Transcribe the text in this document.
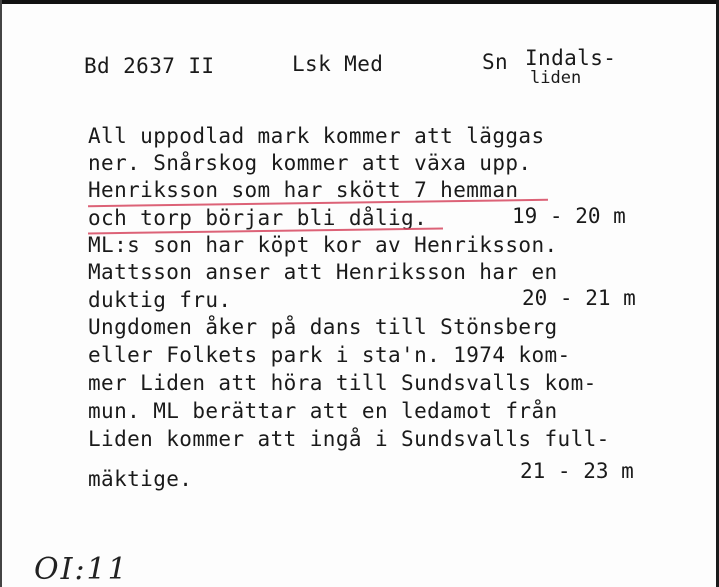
Bd 2637 II	Lsk Med	Sn Indals-
liden
All uppodlad mark kommer att läggas
ner. Snårskog kommer att växa upp.
Henriksson som har skött 7 hemman
och torp börjar bli dålig.	19 - 20 m
ML:s son har köpt kor av Henriksson.
Mattsson anser att Henriksson har en
duktig fru.	20 - 21 m
Ungdomen åker på dans till Stönsberg
eller Folkets park i sta'n. 1974 kom-
mer Liden att höra till Sundsvalls kom-
mun. ML berättar att en ledamot från
Liden kommer att ingå i Sundsvalls full-
mäktige.	21 - 23 m
OI:11
